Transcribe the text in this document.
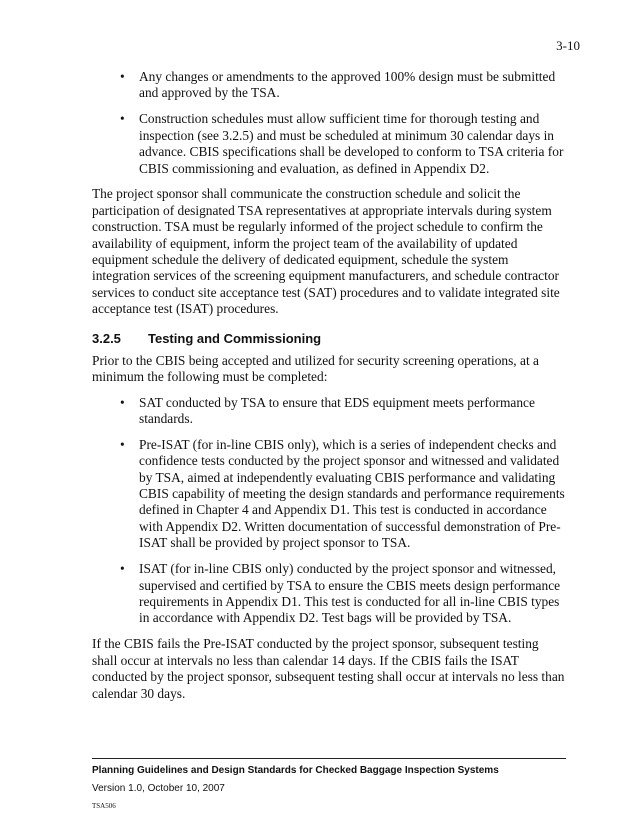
3-10
• Any changes or amendments to the approved 100% design must be submitted and approved by the TSA.
• Construction schedules must allow sufficient time for thorough testing and inspection (see 3.2.5) and must be scheduled at minimum 30 calendar days in advance. CBIS specifications shall be developed to conform to TSA criteria for CBIS commissioning and evaluation, as defined in Appendix D2.

The project sponsor shall communicate the construction schedule and solicit the participation of designated TSA representatives at appropriate intervals during system construction. TSA must be regularly informed of the project schedule to confirm the availability of equipment, inform the project team of the availability of updated equipment schedule the delivery of dedicated equipment, schedule the system integration services of the screening equipment manufacturers, and schedule contractor services to conduct site acceptance test (SAT) procedures and to validate integrated site acceptance test (ISAT) procedures.

3.2.5 Testing and Commissioning

Prior to the CBIS being accepted and utilized for security screening operations, at a minimum the following must be completed:

• SAT conducted by TSA to ensure that EDS equipment meets performance standards.
• Pre-ISAT (for in-line CBIS only), which is a series of independent checks and confidence tests conducted by the project sponsor and witnessed and validated by TSA, aimed at independently evaluating CBIS performance and validating CBIS capability of meeting the design standards and performance requirements defined in Chapter 4 and Appendix D1. This test is conducted in accordance with Appendix D2. Written documentation of successful demonstration of Pre-ISAT shall be provided by project sponsor to TSA.
• ISAT (for in-line CBIS only) conducted by the project sponsor and witnessed, supervised and certified by TSA to ensure the CBIS meets design performance requirements in Appendix D1. This test is conducted for all in-line CBIS types in accordance with Appendix D2. Test bags will be provided by TSA.

If the CBIS fails the Pre-ISAT conducted by the project sponsor, subsequent testing shall occur at intervals no less than calendar 14 days. If the CBIS fails the ISAT conducted by the project sponsor, subsequent testing shall occur at intervals no less than calendar 30 days.

Planning Guidelines and Design Standards for Checked Baggage Inspection Systems
Version 1.0, October 10, 2007
TSA506
